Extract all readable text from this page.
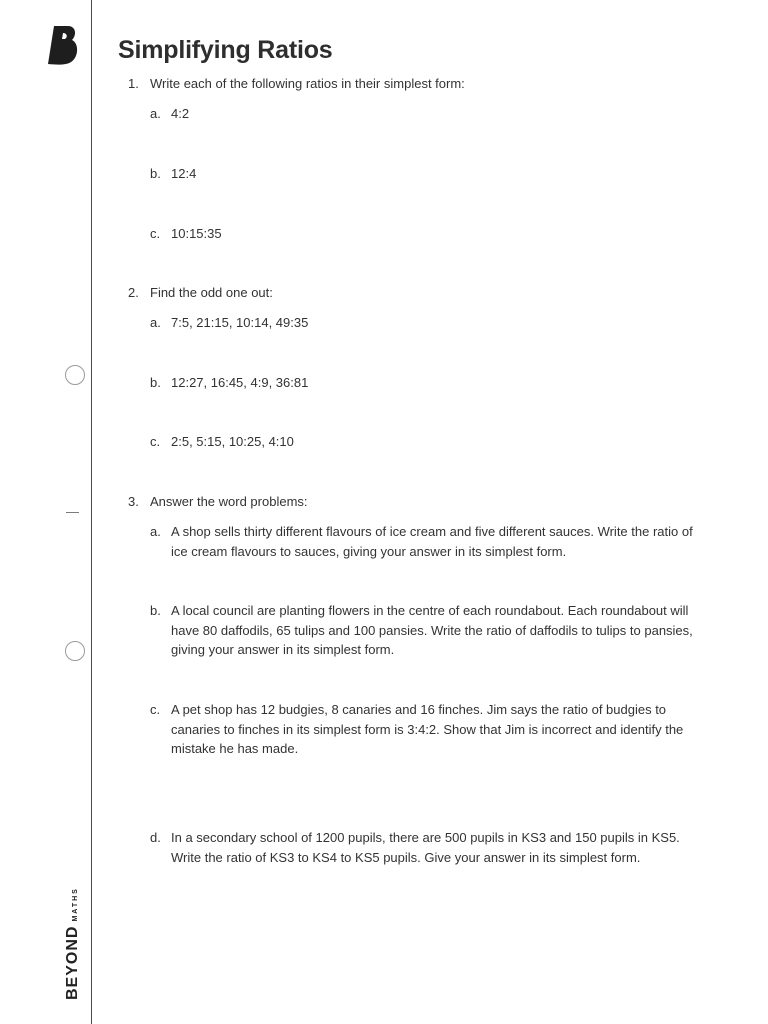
BEYONDMATHS
Simplifying Ratios
1. Write each of the following ratios in their simplest form:
a. 4:2
b. 12:4
c. 10:15:35
2. Find the odd one out:
a. 7:5, 21:15, 10:14, 49:35
b. 12:27, 16:45, 4:9, 36:81
c. 2:5, 5:15, 10:25, 4:10
3. Answer the word problems:
a. A shop sells thirty different flavours of ice cream and five different sauces. Write the ratio of ice cream flavours to sauces, giving your answer in its simplest form.
b. A local council are planting flowers in the centre of each roundabout. Each roundabout will have 80 daffodils, 65 tulips and 100 pansies. Write the ratio of daffodils to tulips to pansies, giving your answer in its simplest form.
c. A pet shop has 12 budgies, 8 canaries and 16 finches. Jim says the ratio of budgies to canaries to finches in its simplest form is 3:4:2. Show that Jim is incorrect and identify the mistake he has made.
d. In a secondary school of 1200 pupils, there are 500 pupils in KS3 and 150 pupils in KS5. Write the ratio of KS3 to KS4 to KS5 pupils. Give your answer in its simplest form.
